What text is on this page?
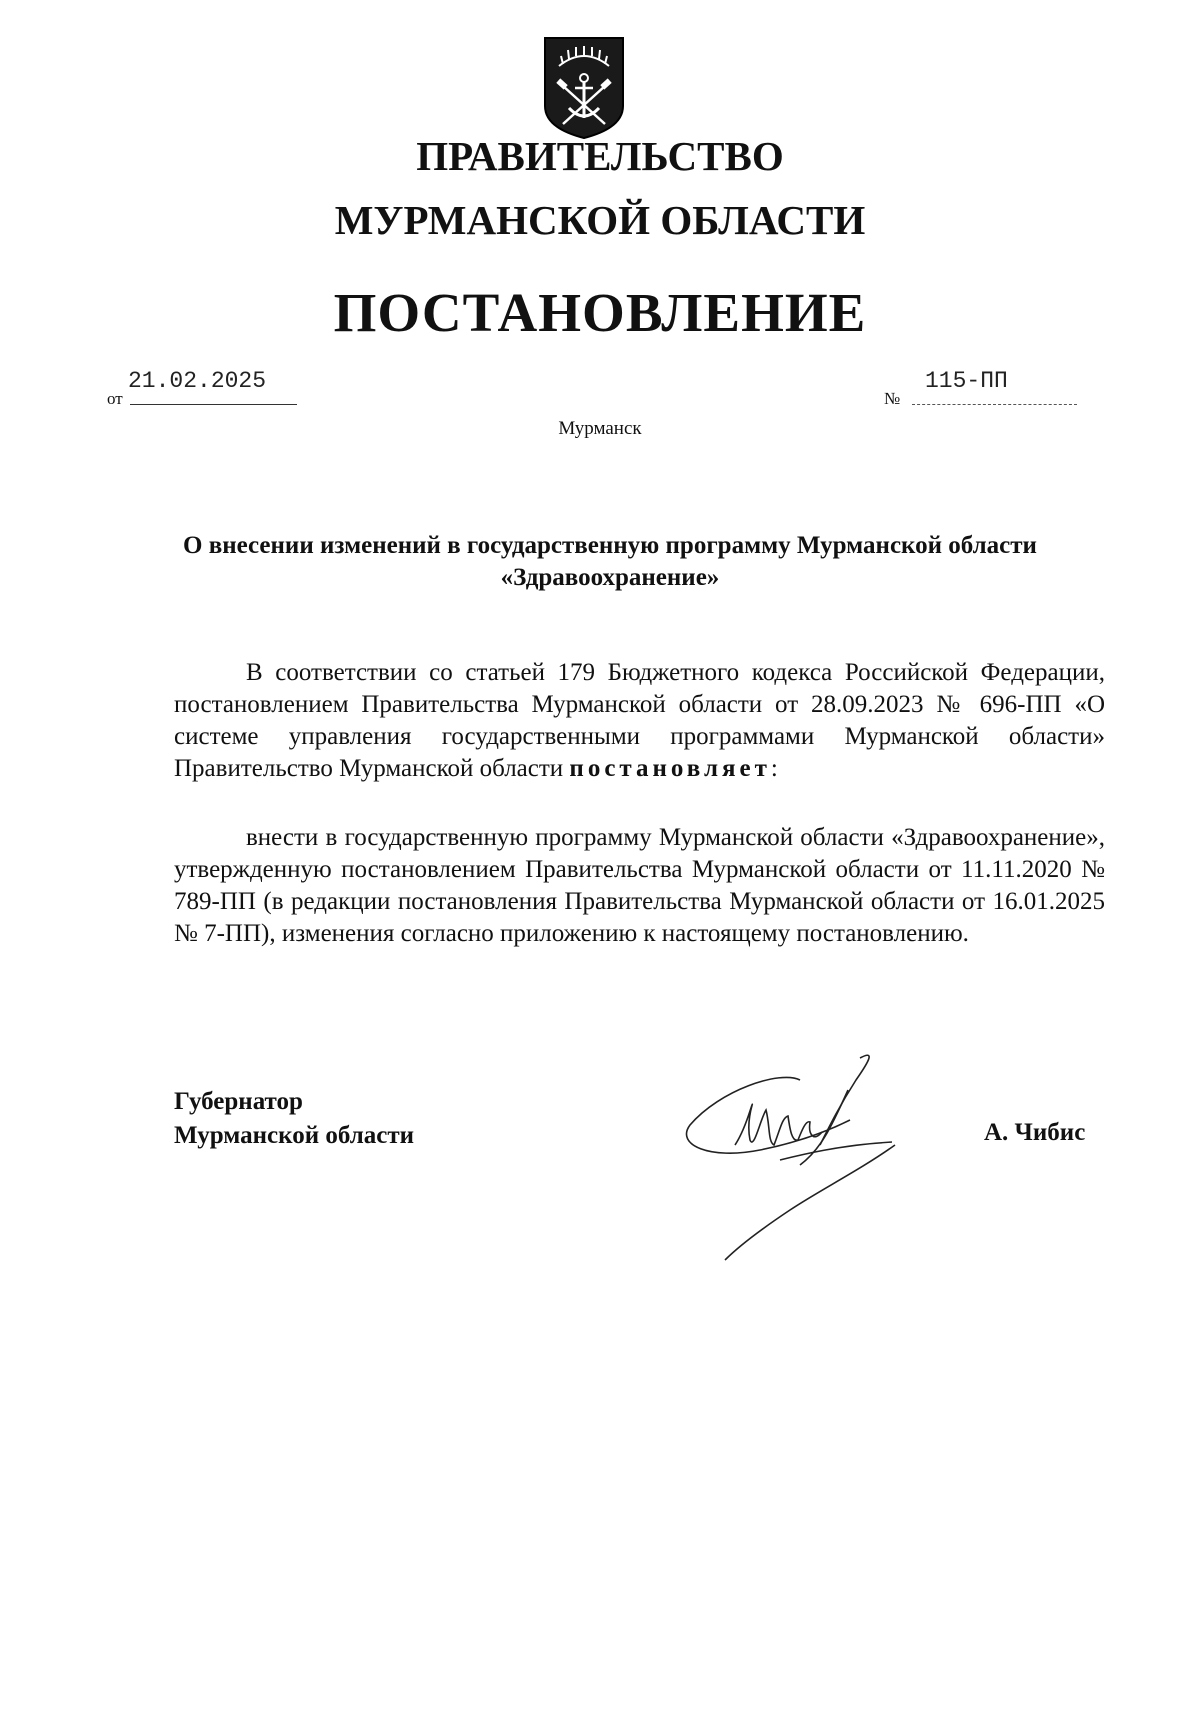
ПРАВИТЕЛЬСТВО
МУРМАНСКОЙ ОБЛАСТИ
ПОСТАНОВЛЕНИЕ
от
21.02.2025
№
115-ПП
Мурманск
О внесении изменений в государственную программу Мурманской области «Здравоохранение»
В соответствии со статьей 179 Бюджетного кодекса Российской Федерации, постановлением Правительства Мурманской области от 28.09.2023 № 696-ПП «О системе управления государственными программами Мурманской области» Правительство Мурманской области постановляет:
внести в государственную программу Мурманской области «Здравоохранение», утвержденную постановлением Правительства Мурманской области от 11.11.2020 № 789-ПП (в редакции постановления Правительства Мурманской области от 16.01.2025 № 7-ПП), изменения согласно приложению к настоящему постановлению.
Губернатор
Мурманской области	А. Чибис
